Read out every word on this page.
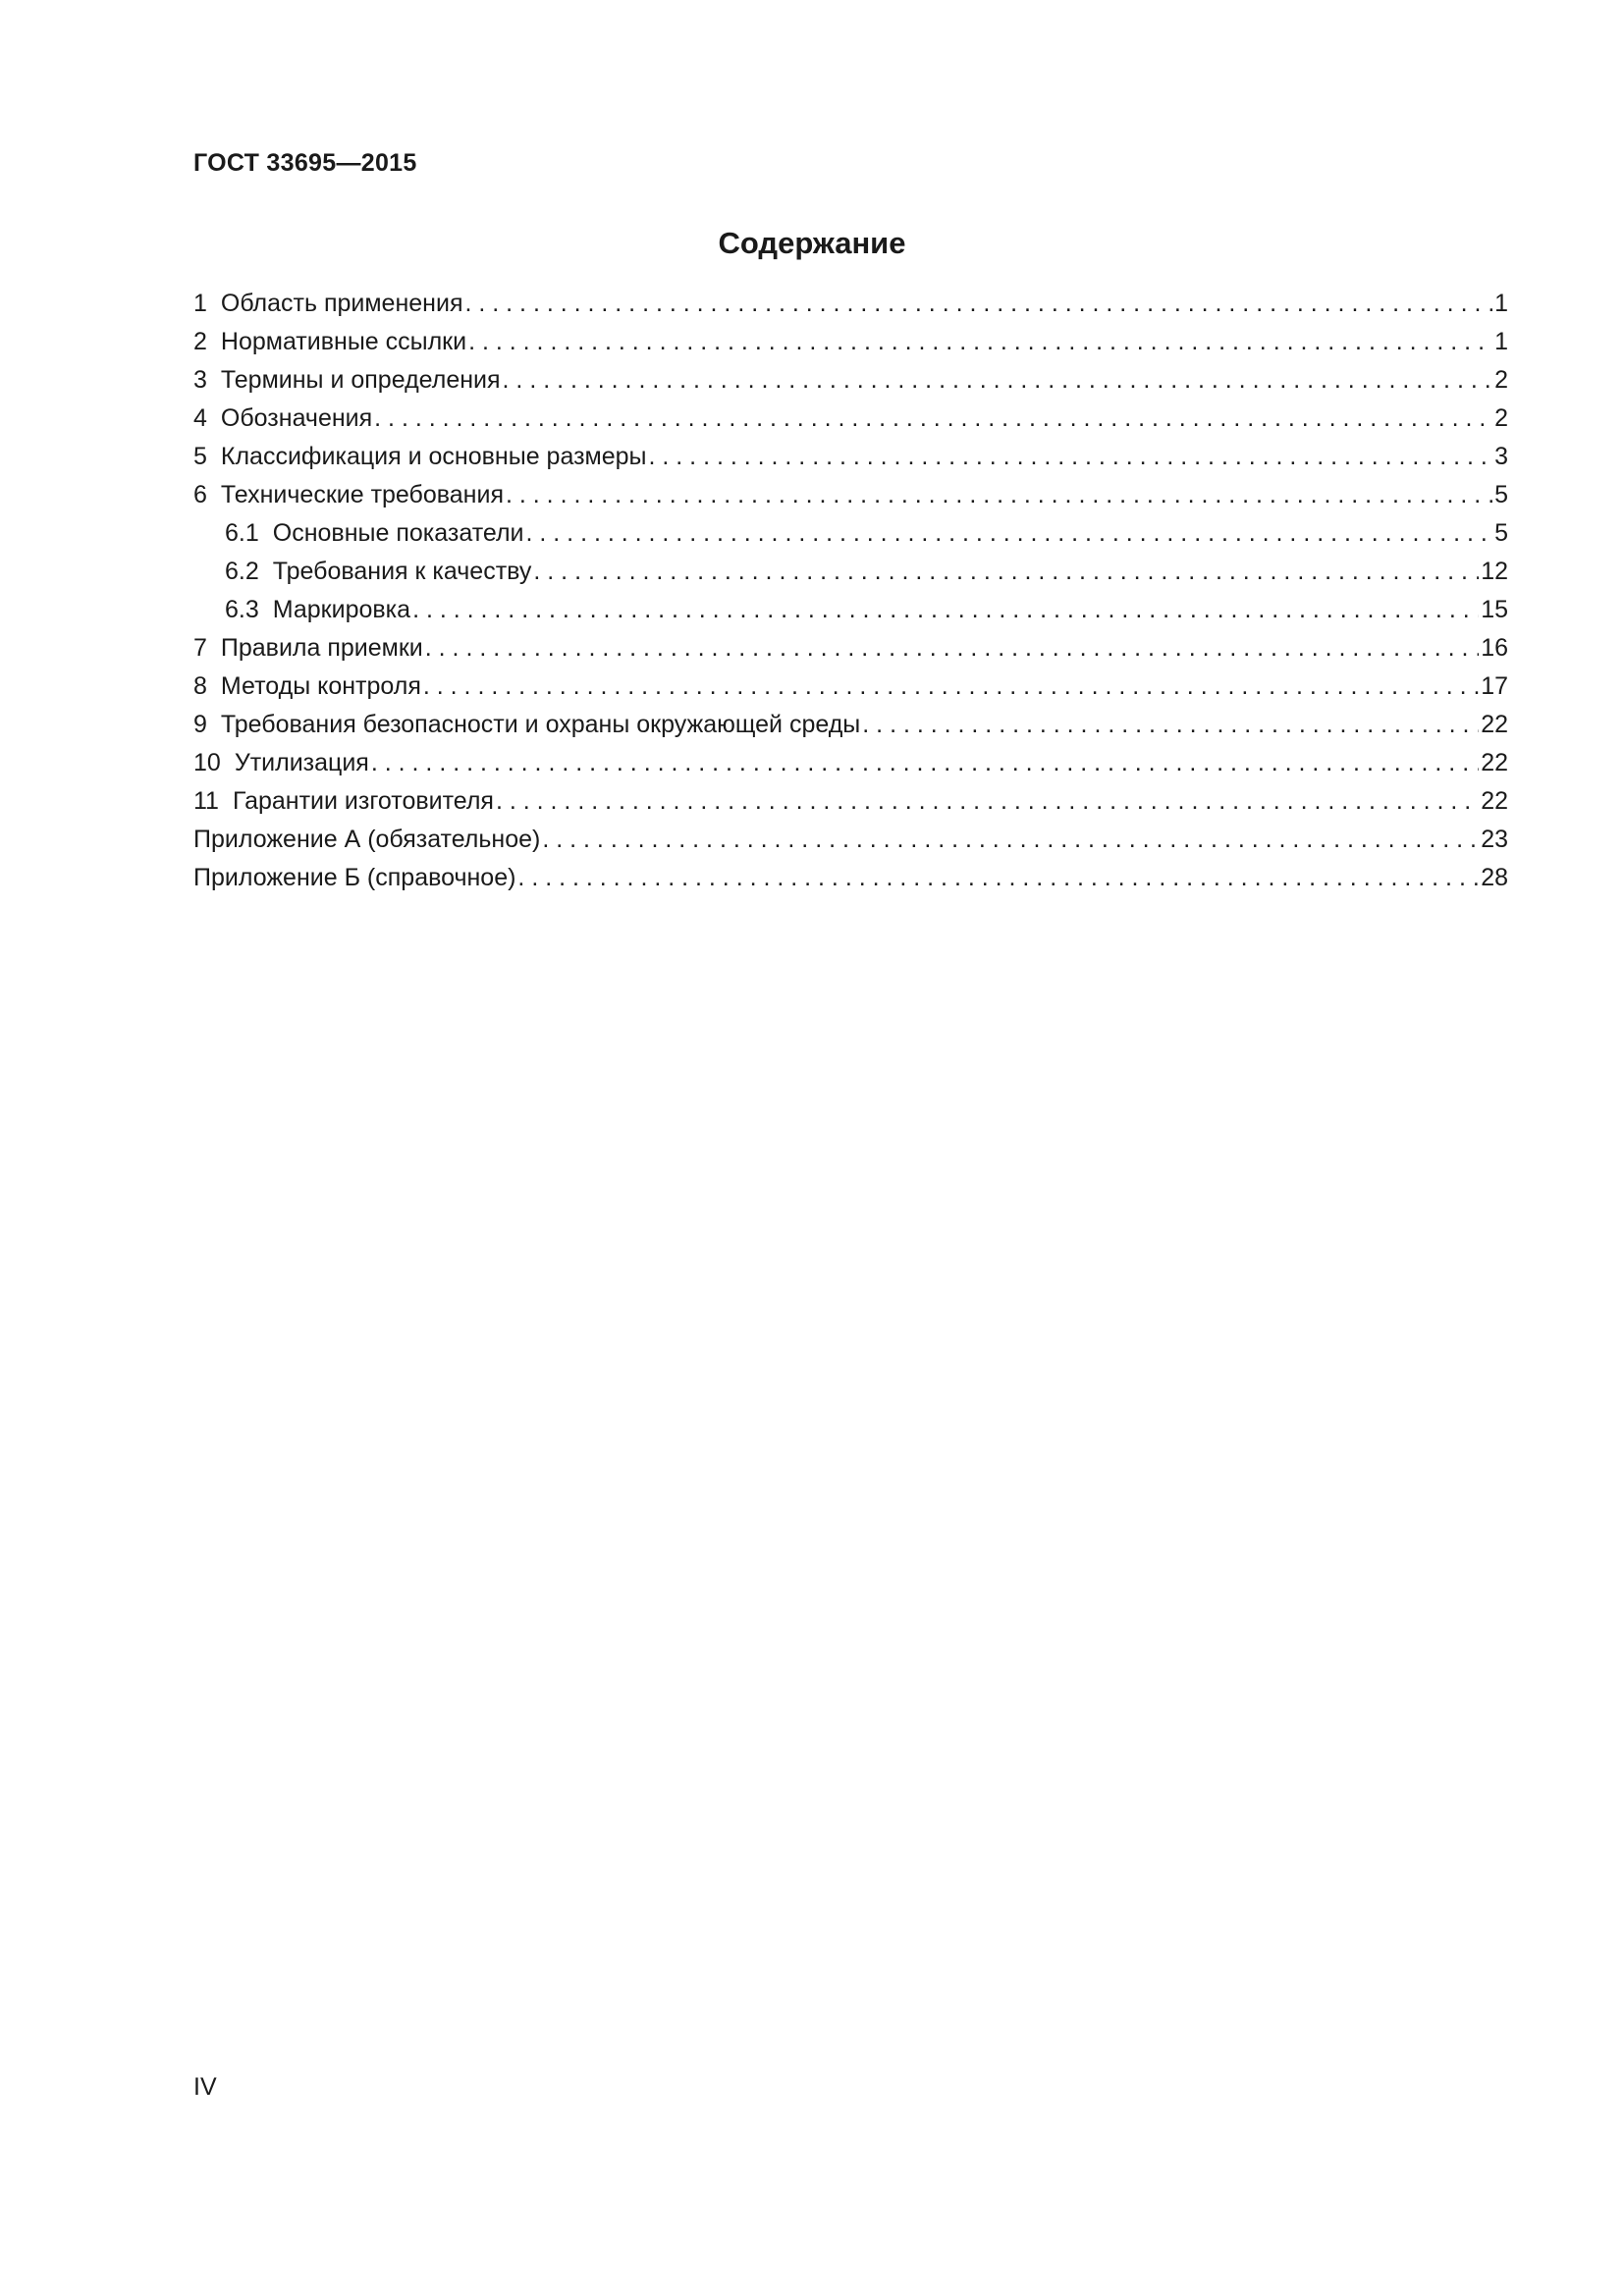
ГОСТ 33695—2015
Содержание
1 Область применения . . .	1
2 Нормативные ссылки . . .	1
3 Термины и определения . . .	2
4 Обозначения . . .	2
5 Классификация и основные размеры . . .	3
6 Технические требования . . .	5
6.1 Основные показатели . . .	5
6.2 Требования к качеству . . .	12
6.3 Маркировка . . .	15
7 Правила приемки . . .	16
8 Методы контроля . . .	17
9 Требования безопасности и охраны окружающей среды . . .	22
10 Утилизация . . .	22
11 Гарантии изготовителя . . .	22
Приложение А (обязательное) . . .	23
Приложение Б (справочное) . . .	28
IV
